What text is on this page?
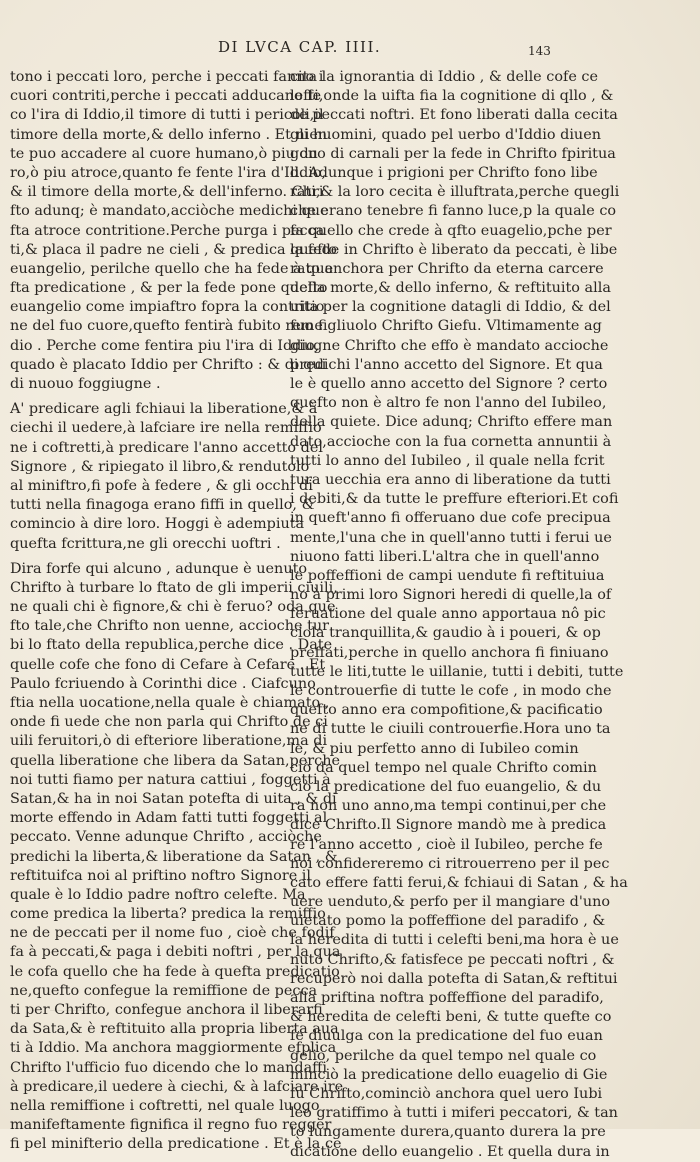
DI LVCA CAP. IIII.	143
tono i peccati loro, perche i peccati fanno i
cuori contriti,perche i peccati adducano fe
co l'ira di Iddio,il timore di tutti i pericoli,il
timore della morte,& dello inferno . Et nien
te puo accadere al cuore humano,ò piu du
ro,ò piu atroce,quanto fe fente l'ira d'Iddio,
& il timore della morte,& dell'inferno. Chri
fto adunq; è mandato,acciòche medichi que
fta atroce contritione.Perche purga i pecca
ti,& placa il padre ne cieli , & predica quefto
euangelio, perilche quello che ha fede à que
fta predicatione , & per la fede pone quefto
euangelio come impiaftro fopra la contritio
ne del fuo cuore,quefto fentirà fubito reme
dio . Perche come fentira piu l'ira di Iddio,
quado è placato Iddio per Chrifto : & di qui
di nuouo foggiugne .
A' predicare agli fchiaui la liberatione,& à
ciechi il uedere,à lafciare ire nella remiffio
ne i coftretti,à predicare l'anno accetto del
Signore , & ripiegato il libro,& rendutolo
al miniftro,fi pofe à federe , & gli occhi di
tutti nella finagoga erano fiffi in quello, &
comincio à dire loro. Hoggi è adempiuta
quefta fcrittura,ne gli orecchi uoftri .
Dira forfe qui alcuno , adunque è uenuto
Chrifto à turbare lo ftato de gli imperii ciuili,
ne quali chi è fignore,& chi è feruo? oda que
fto tale,che Chrifto non uenne, accioche tur
bi lo ftato della republica,perche dice . Date
quelle cofe che fono di Cefare à Cefare . Et
Paulo fcriuendo à Corinthi dice . Ciafcuno
ftia nella uocatione,nella quale è chiamato ,
onde fi uede che non parla qui Chrifto de ci
uili feruitori,ò di efteriore liberatione,ma di
quella liberatione che libera da Satan,perche
noi tutti fiamo per natura cattiui , foggetti à
Satan,& ha in noi Satan potefta di uita , & di
morte effendo in Adam fatti tutti foggetti al
peccato. Venne adunque Chrifto , acciòche
predichi la liberta,& liberatione da Satan , &
reftituifca noi al priftino noftro Signore il
quale è lo Iddio padre noftro celefte. Ma
come predica la liberta? predica la remiffio
ne de peccati per il nome fuo , cioè che fodif
fa à peccati,& paga i debiti noftri , per la qua
le cofa quello che ha fede à quefta predicatio
ne,quefto confegue la remiffione de pecca
ti per Chrifto, confegue anchora il liberarfi
da Sata,& è reftituito alla propria liberta aua
ti à Iddio. Ma anchora maggiormente efplica
Chrifto l'ufficio fuo dicendo che lo mandaffi
à predicare,il uedere à ciechi, & à lafciare ire
nella remiffione i coftretti, nel quale luogo
manifeftamente fignifica il regno fuo regger
fi pel minifterio della predicatione . Et è la ce
cita la ignorantia di Iddio , & delle cofe ce
lefti,onde la uifta fia la cognitione di qllo , &
de peccati noftri. Et fono liberati dalla cecita
gli huomini, quado pel uerbo d'Iddio diuen
gono di carnali per la fede in Chrifto fpiritua
li. Adunque i prigioni per Chrifto fono libe
rati,& la loro cecita è illuftrata,perche quegli
che erano tenebre fi fanno luce,p la quale co
fa quello che crede à qfto euagelio,pche per
la fede in Chrifto è liberato da peccati, è libe
rato anchora per Chrifto da eterna carcere
della morte,& dello inferno, & reftituito alla
uita per la cognitione datagli di Iddio, & del
fuo figliuolo Chrifto Giefu. Vltimamente ag
giugne Chrifto che effo è mandato accioche
predichi l'anno accetto del Signore. Et qua
le è quello anno accetto del Signore ? certo
quefto non è altro fe non l'anno del Iubileo,
della quiete. Dice adunq; Chrifto effere man
dato,accioche con la fua cornetta annuntii à
tutti lo anno del Iubileo , il quale nella fcrit
tura uecchia era anno di liberatione da tutti
i debiti,& da tutte le preffure efteriori.Et cofi
in queft'anno fi offeruano due cofe precipua
mente,l'una che in quell'anno tutti i ferui ue
niuono fatti liberi.L'altra che in quell'anno
le poffeffioni de campi uendute fi reftituiua
no à primi loro Signori heredi di quelle,la of
feruatione del quale anno apportaua nô pic
ciola tranquillita,& gaudio à i poueri, & op
preffati,perche in quello anchora fi finiuano
tutte le liti,tutte le uillanie, tutti i debiti, tutte
le controuerfie di tutte le cofe , in modo che
quefto anno era compofitione,& pacificatio
ne di tutte le ciuili controuerfie.Hora uno ta
le, & piu perfetto anno di Iubileo comin
ciò da quel tempo nel quale Chrifto comin
ciò la predicatione del fuo euangelio, & du
ra non uno anno,ma tempi continui,per che
dice Chrifto.Il Signore mandò me à predica
re l'anno accetto , cioè il Iubileo, perche fe
noi confidereremo ci ritrouerreno per il pec
cato effere fatti ferui,& fchiaui di Satan , & ha
uere uenduto,& perfo per il mangiare d'uno
uietato pomo la poffeffione del paradifo , &
la heredita di tutti i celefti beni,ma hora è ue
nuto Chrifto,& fatisfece pe peccati noftri , &
recuperò noi dalla potefta di Satan,& reftitui
alla priftina noftra poffeffione del paradifo,
& heredita de celefti beni, & tutte quefte co
fe diuulga con la predicatione del fuo euan
gelio, perilche da quel tempo nel quale co
minciò la predicatione dello euagelio di Gie
fu Chrifto,cominciò anchora quel uero Iubi
leo gratiffimo à tutti i miferi peccatori, & tan
to lungamente durera,quanto durera la pre
dicatione dello euangelio . Et quella dura in
